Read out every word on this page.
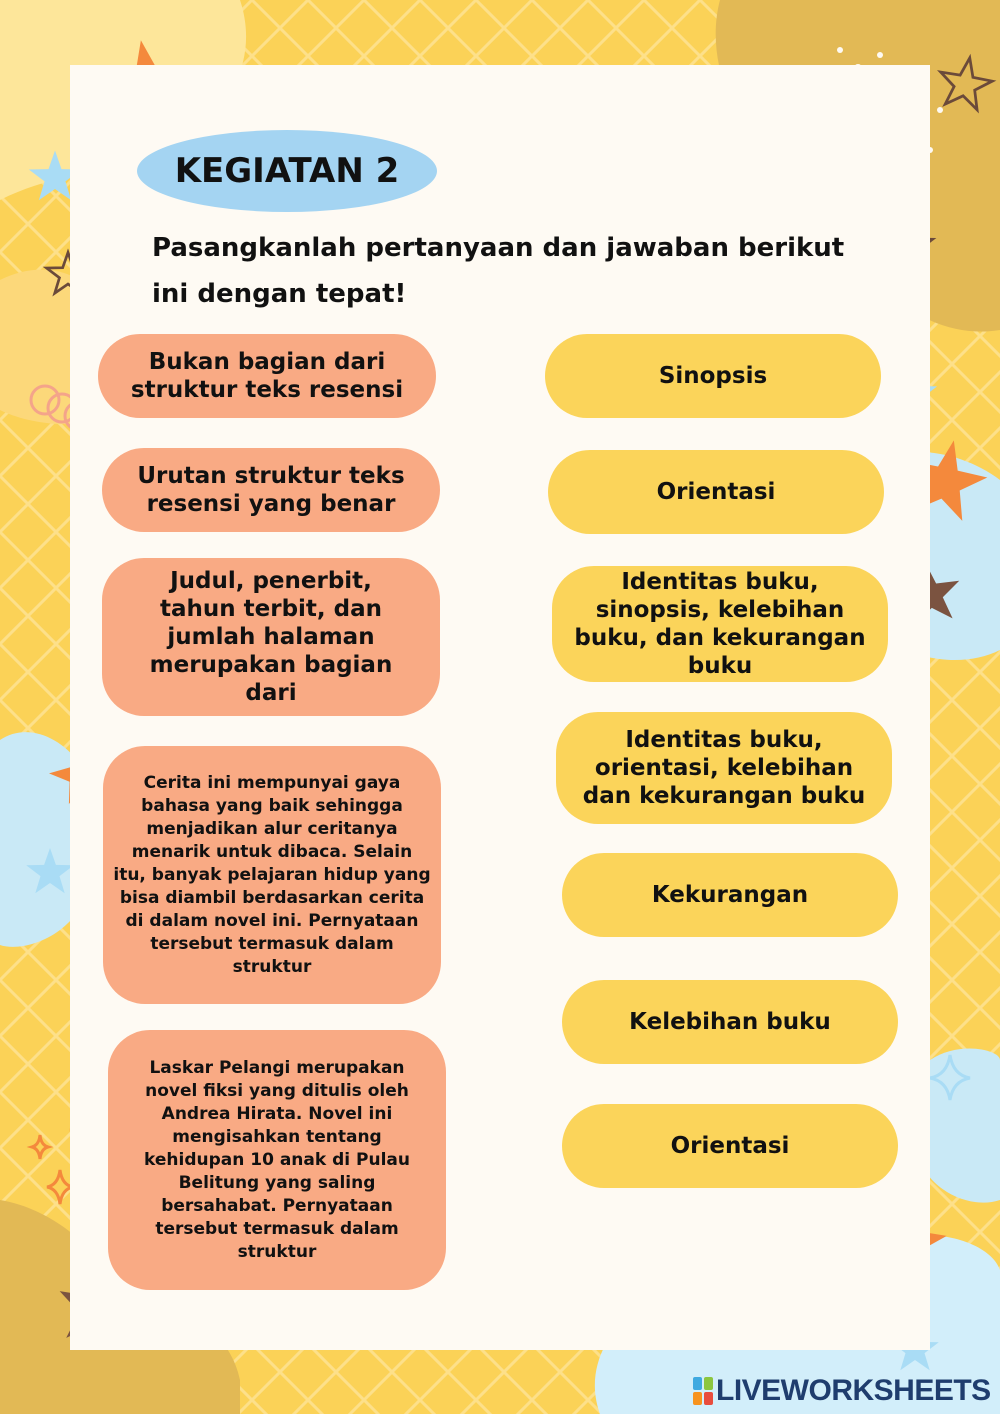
KEGIATAN 2
Pasangkanlah pertanyaan dan jawaban berikut ini dengan tepat!
Bukan bagian dari struktur teks resensi
Urutan struktur teks resensi yang benar
Judul, penerbit, tahun terbit, dan jumlah halaman merupakan bagian dari
Cerita ini mempunyai gaya bahasa yang baik sehingga menjadikan alur ceritanya menarik untuk dibaca. Selain itu, banyak pelajaran hidup yang bisa diambil berdasarkan cerita di dalam novel ini. Pernyataan tersebut termasuk dalam struktur
Laskar Pelangi merupakan novel fiksi yang ditulis oleh Andrea Hirata. Novel ini mengisahkan tentang kehidupan 10 anak di Pulau Belitung yang saling bersahabat. Pernyataan tersebut termasuk dalam struktur
Sinopsis
Orientasi
Identitas buku, sinopsis, kelebihan buku, dan kekurangan buku
Identitas buku, orientasi, kelebihan dan kekurangan buku
Kekurangan
Kelebihan buku
Orientasi
LIVEWORKSHEETS
